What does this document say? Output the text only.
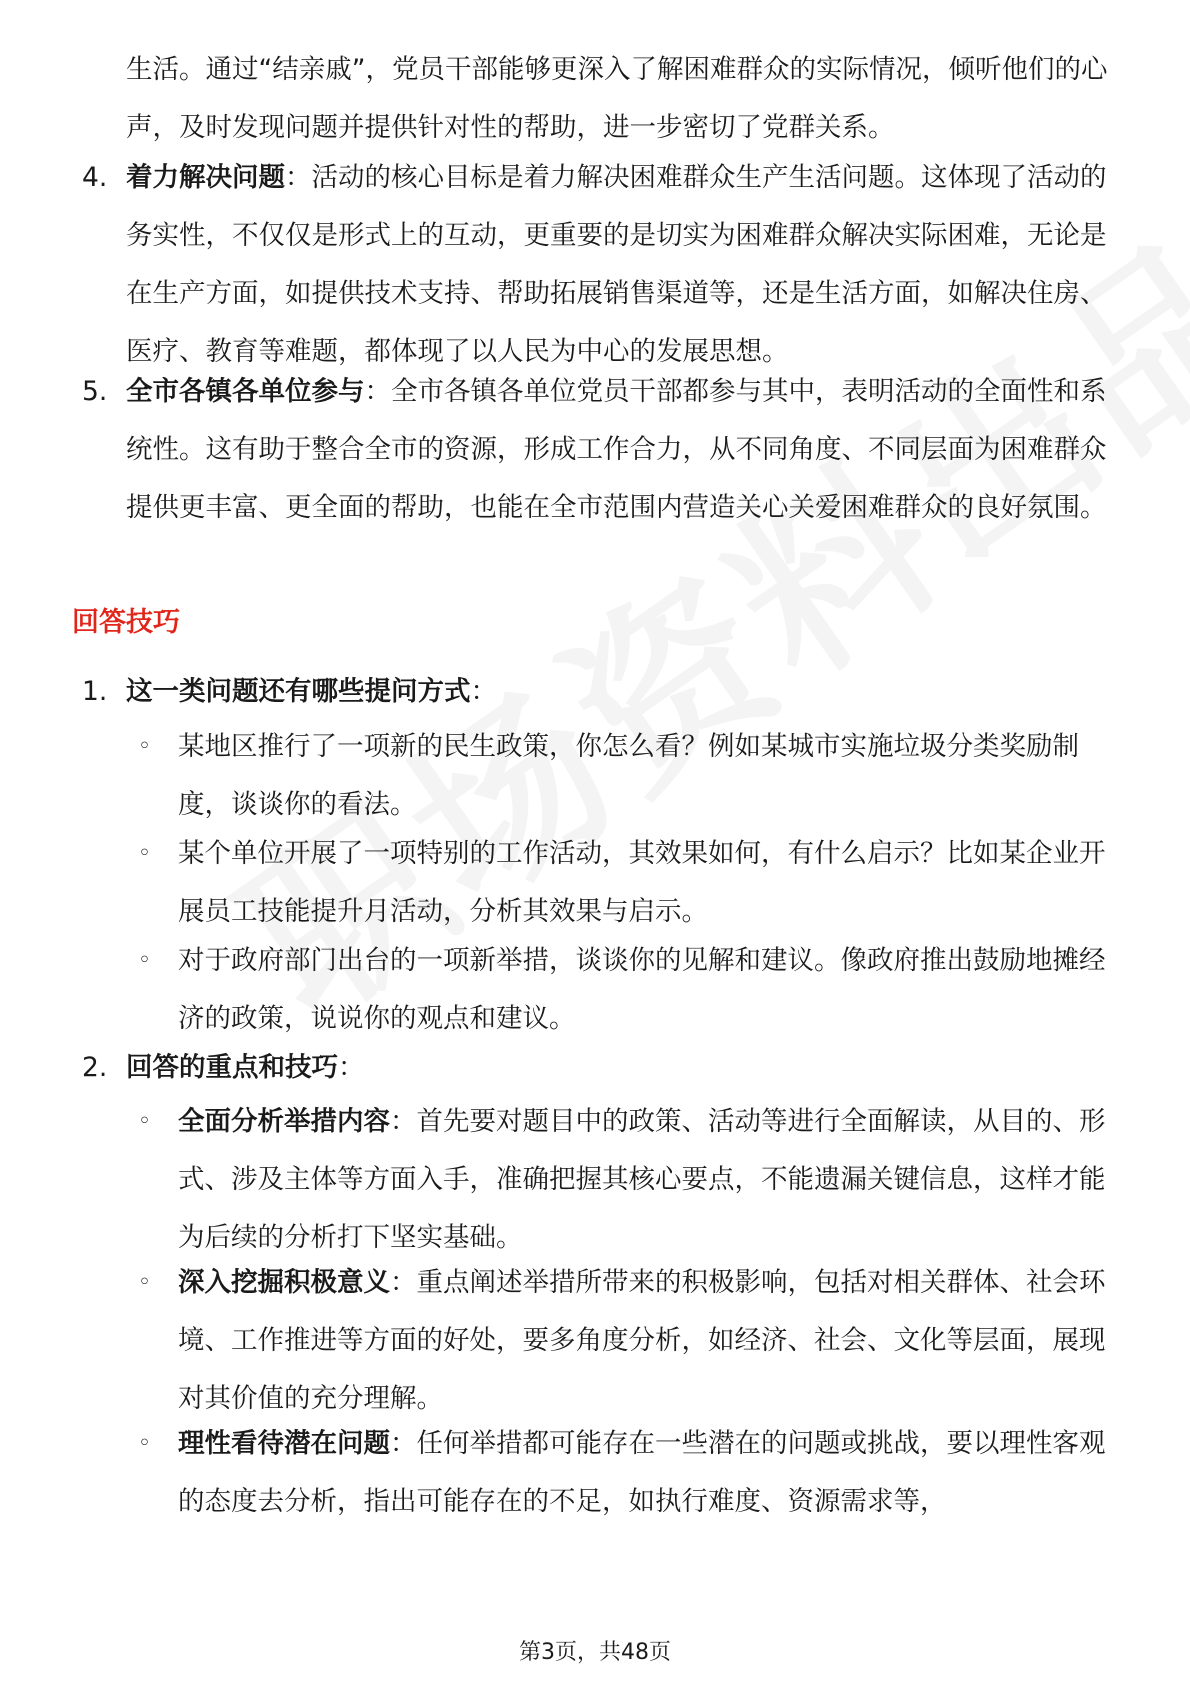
生活。通过“结亲戚”，党员干部能够更深入了解困难群众的实际情况，倾听他们的心声，及时发现问题并提供针对性的帮助，进一步密切了党群关系。
4. 着力解决问题：活动的核心目标是着力解决困难群众生产生活问题。这体现了活动的务实性，不仅仅是形式上的互动，更重要的是切实为困难群众解决实际困难，无论是在生产方面，如提供技术支持、帮助拓展销售渠道等，还是生活方面，如解决住房、医疗、教育等难题，都体现了以人民为中心的发展思想。
5. 全市各镇各单位参与：全市各镇各单位党员干部都参与其中，表明活动的全面性和系统性。这有助于整合全市的资源，形成工作合力，从不同角度、不同层面为困难群众提供更丰富、更全面的帮助，也能在全市范围内营造关心关爱困难群众的良好氛围。
回答技巧
1. 这一类问题还有哪些提问方式：
◦	某地区推行了一项新的民生政策，你怎么看？例如某城市实施垃圾分类奖励制度，谈谈你的看法。
◦	某个单位开展了一项特别的工作活动，其效果如何，有什么启示？比如某企业开展员工技能提升月活动，分析其效果与启示。
◦	对于政府部门出台的一项新举措，谈谈你的见解和建议。像政府推出鼓励地摊经济的政策，说说你的观点和建议。
2. 回答的重点和技巧：
◦	全面分析举措内容：首先要对题目中的政策、活动等进行全面解读，从目的、形式、涉及主体等方面入手，准确把握其核心要点，不能遗漏关键信息，这样才能为后续的分析打下坚实基础。
◦	深入挖掘积极意义：重点阐述举措所带来的积极影响，包括对相关群体、社会环境、工作推进等方面的好处，要多角度分析，如经济、社会、文化等层面，展现对其价值的充分理解。
◦	理性看待潜在问题：任何举措都可能存在一些潜在的问题或挑战，要以理性客观的态度去分析，指出可能存在的不足，如执行难度、资源需求等，
第3页，共48页
